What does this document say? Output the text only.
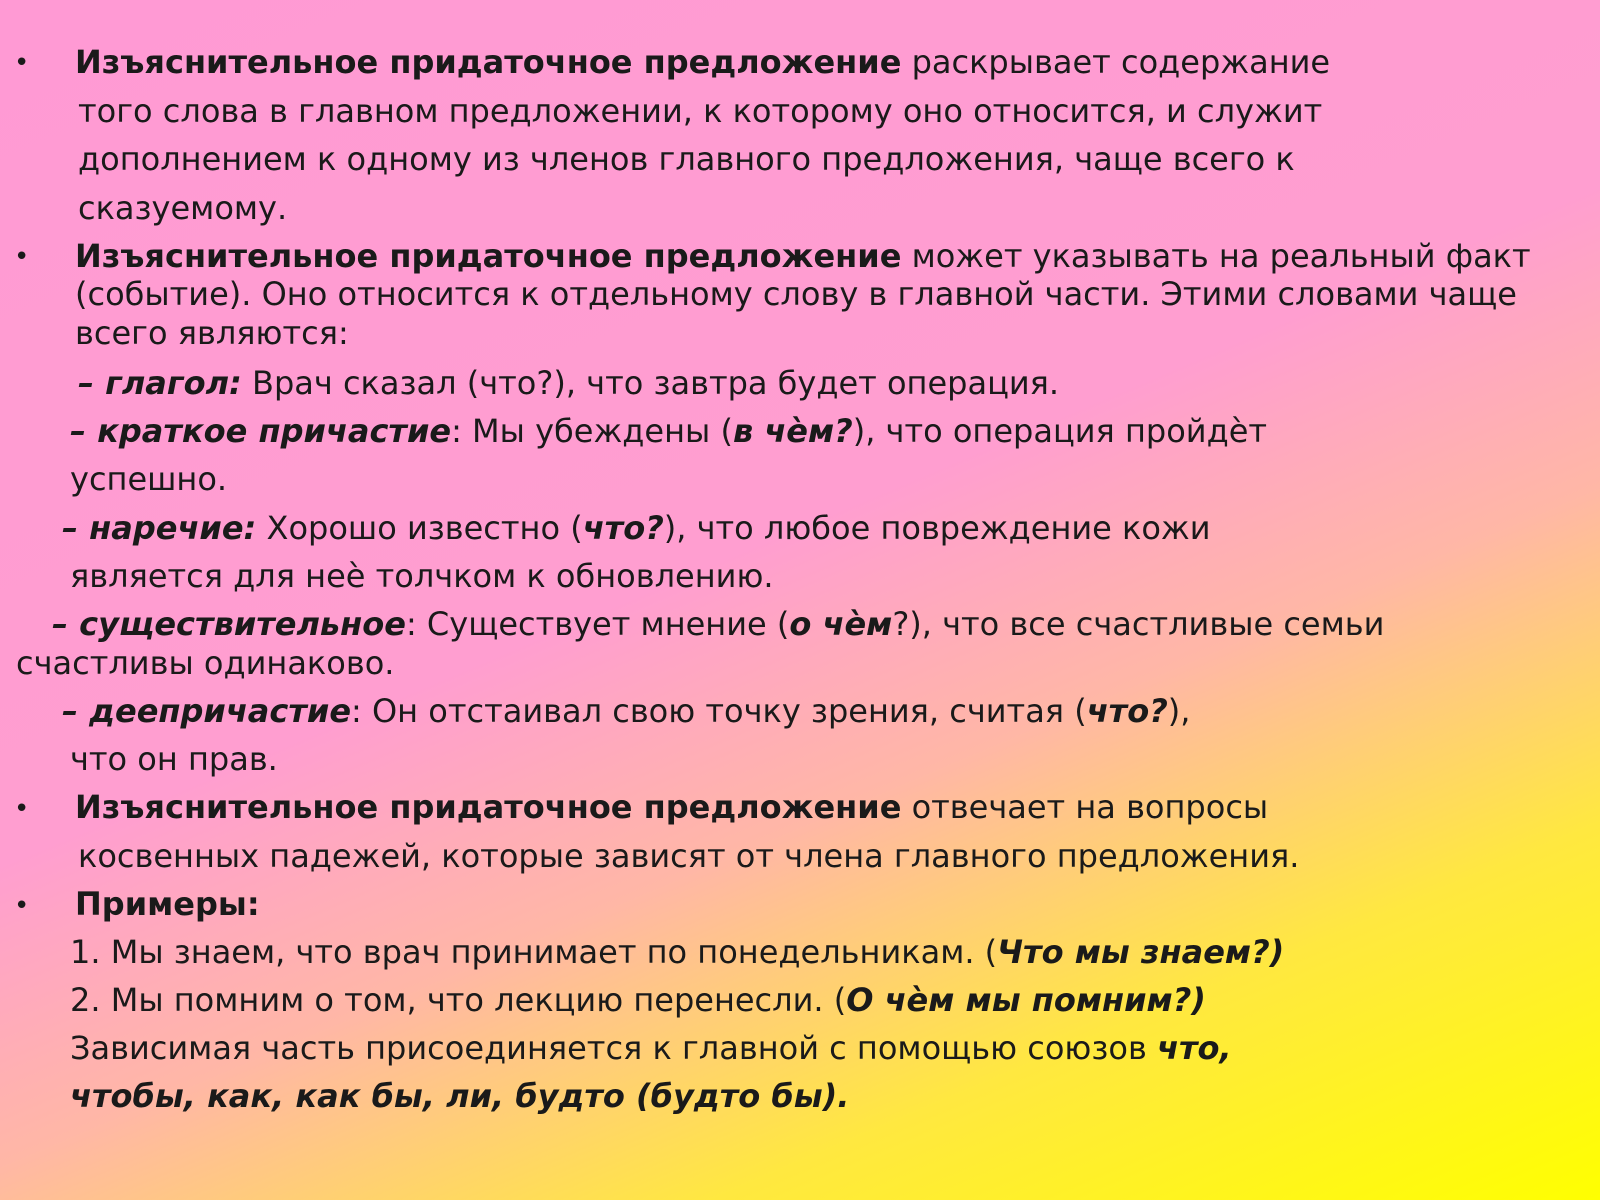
• Изъяснительное придаточное предложение раскрывает содержание
того слова в главном предложении, к которому оно относится, и служит
дополнением к одному из членов главного предложения, чаще всего к
сказуемому.
• Изъяснительное придаточное предложение может указывать на реальный факт
(событие). Оно относится к отдельному слову в главной части. Этими словами чаще
всего являются:
– глагол: Врач сказал (что?), что завтра будет операция.
– краткое причастие: Мы убеждены (в чѐм?), что операция пройдѐт
успешно.
– наречие: Хорошо известно (что?), что любое повреждение кожи
является для неѐ толчком к обновлению.
– существительное: Существует мнение (о чѐм?), что все счастливые семьи
счастливы одинаково.
– деепричастие: Он отстаивал свою точку зрения, считая (что?),
что он прав.
• Изъяснительное придаточное предложение отвечает на вопросы
косвенных падежей, которые зависят от члена главного предложения.
• Примеры:
1. Мы знаем, что врач принимает по понедельникам. (Что мы знаем?)
2. Мы помним о том, что лекцию перенесли. (О чѐм мы помним?)
Зависимая часть присоединяется к главной с помощью союзов что,
чтобы, как, как бы, ли, будто (будто бы).
